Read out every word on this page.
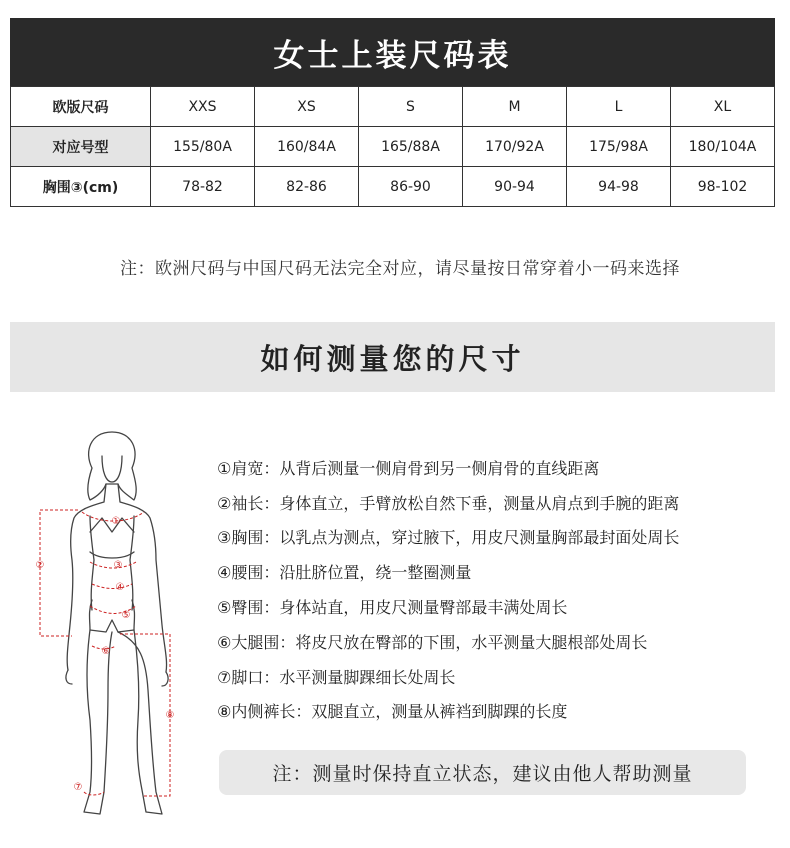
女士上装尺码表
欧版尺码	XXS	XS	S	M	L	XL
对应号型	155/80A	160/84A	165/88A	170/92A	175/98A	180/104A
胸围③(cm)	78-82	82-86	86-90	90-94	94-98	98-102
注：欧洲尺码与中国尺码无法完全对应，请尽量按日常穿着小一码来选择
如何测量您的尺寸
①
②	③
④
⑤
⑥
⑦
⑧
①肩宽： 从背后测量一侧肩骨到另一侧肩骨的直线距离
②袖长： 身体直立，手臂放松自然下垂，测量从肩点到手腕的距离
③胸围： 以乳点为测点，穿过腋下，用皮尺测量胸部最封面处周长
④腰围： 沿肚脐位置，绕一整圈测量
⑤臀围： 身体站直，用皮尺测量臀部最丰满处周长
⑥大腿围： 将皮尺放在臀部的下围，水平测量大腿根部处周长
⑦脚口： 水平测量脚踝细长处周长
⑧内侧裤长： 双腿直立，测量从裤裆到脚踝的长度
注：测量时保持直立状态，建议由他人帮助测量
